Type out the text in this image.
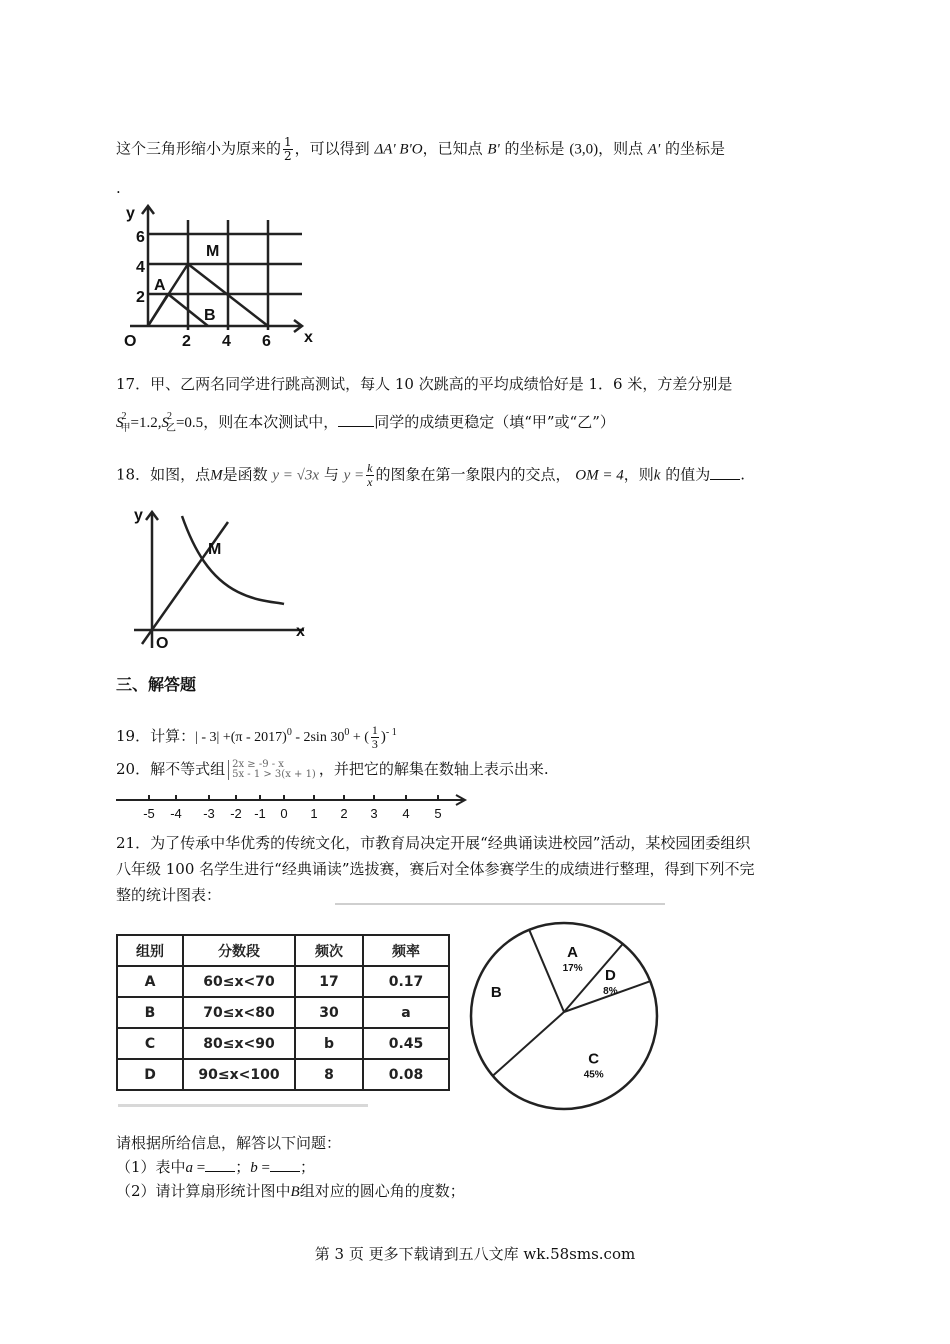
这个三角形缩小为原来的 $\frac{1}{2}$ ，可以得到 ΔA' B'O，已知点 B' 的坐标是 (3,0)，则点 A' 的坐标是
.
y
x
O
6
4
2
2 4 6
M
A
B
17．甲、乙两名同学进行跳高测试，每人 10 次跳高的平均成绩恰好是 1．6 米，方差分别是
$S^2_甲=1.2,S^2_乙=0.5$，则在本次测试中， 同学的成绩更稳定（填“甲”或“乙”）
18．如图，点M是函数 y = √3x 与 $y = \frac{k}{x}$ 的图象在第一象限内的交点， OM = 4，则k 的值为 .
y
x
O
M
三、解答题
19．计算：| - 3| +(π - 2017)$^0$ - 2sin $30^0$ + ( $\frac{1}{3} )^{- 1}$
20．解不等式组 2x ≥ -9 - x
5x - 1 > 3(x + 1) ，并把它的解集在数轴上表示出来.
-5 -4 -3 -2 -1 0 1 2 3 4 5
21．为了传承中华优秀的传统文化，市教育局决定开展“经典诵读进校园”活动，某校园团委组织
八年级 100 名学生进行“经典诵读”选拔赛，赛后对全体参赛学生的成绩进行整理，得到下列不完
整的统计图表：
组别	分数段	频次	频率
A	60≤x<70	17	0.17
B	70≤x<80	30	a
C	80≤x<90	b	0.45
D	90≤x<100	8	0.08
A
17% D
8%
C
45%
B
请根据所给信息，解答以下问题：
（1）表中a = ；b = ；
（2）请计算扇形统计图中B组对应的圆心角的度数；
第 3 页 更多下载请到五八文库 wk.58sms.com
